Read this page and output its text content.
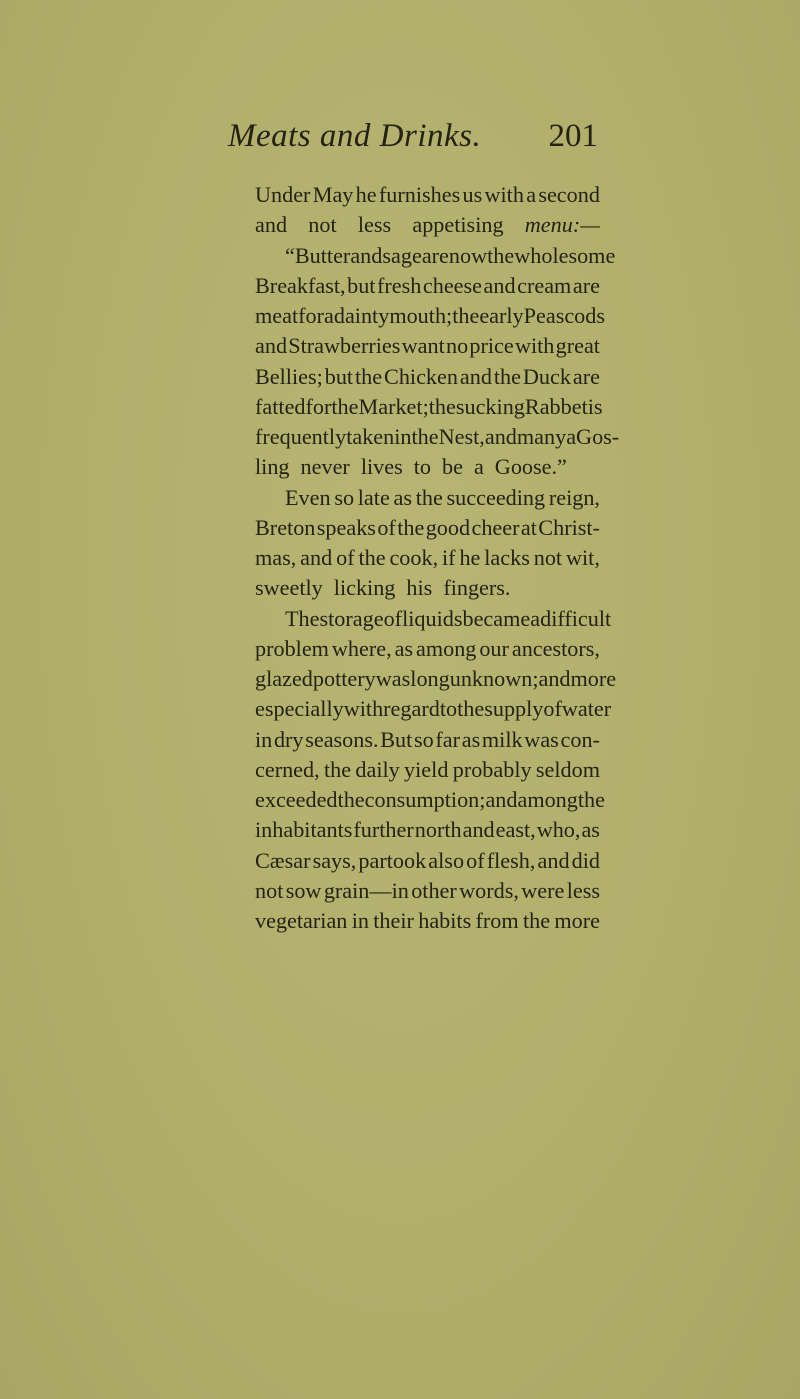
Meats and Drinks. 201
Under May he furnishes us with a second
and not less appetising menu:—
“ Butter and sage are now the wholesome
Breakfast, but fresh cheese and cream are
meat for a dainty mouth; the early Peascods
and Strawberries want no price with great
Bellies; but the Chicken and the Duck are
fatted for the Market; the sucking Rabbet is
frequently taken in the Nest, and many a Gos-
ling never lives to be a Goose.”
Even so late as the succeeding reign,
Breton speaks of the good cheer at Christ-
mas, and of the cook, if he lacks not wit,
sweetly licking his fingers.
The storage of liquids became a difficult
problem where, as among our ancestors,
glazed pottery was long unknown; and more
especially with regard to the supply of water
in dry seasons. But so far as milk was con-
cerned, the daily yield probably seldom
exceeded the consumption; and among the
inhabitants further north and east, who, as
Cæsar says, partook also of flesh, and did
not sow grain—in other words, were less
vegetarian in their habits from the more
